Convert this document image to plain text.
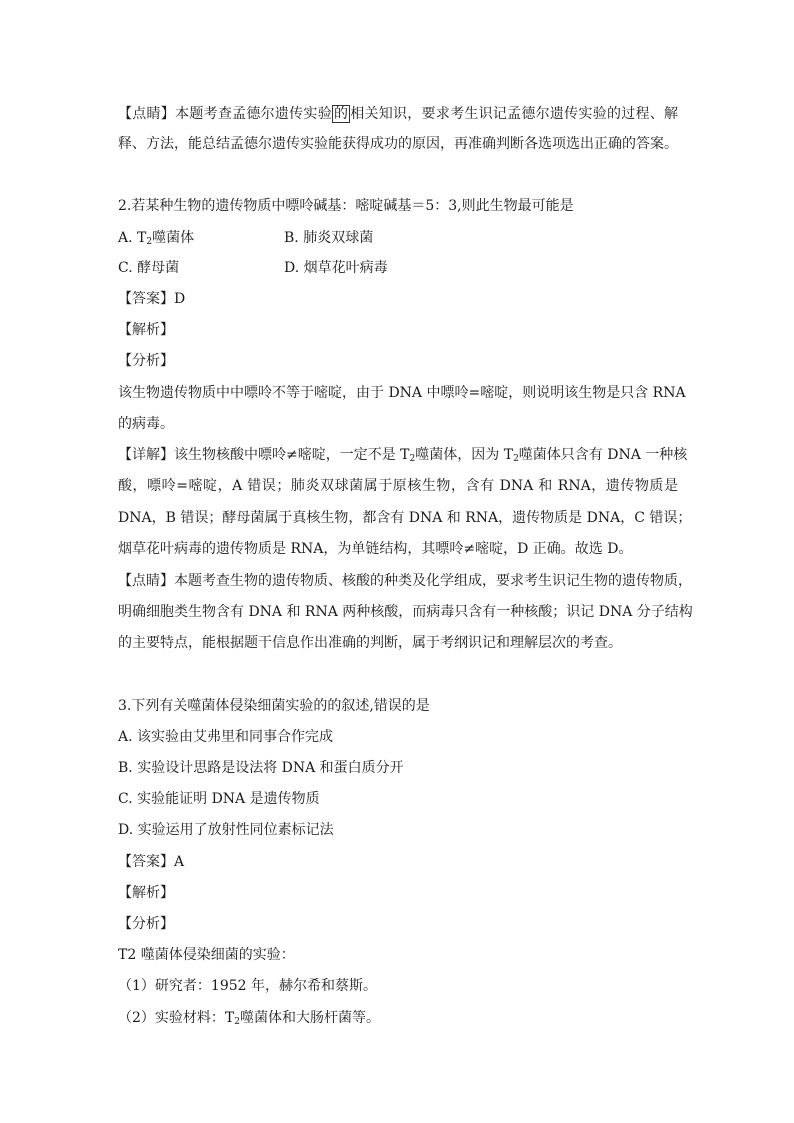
【点睛】本题考查孟德尔遗传实验 的 相关知识，要求考生识记孟德尔遗传实验的过程、解
释、方法，能总结孟德尔遗传实验能获得成功的原因，再准确判断各选项选出正确的答案。
2.若某种生物的遗传物质中嘌呤碱基：嘧啶碱基＝5：3,则此生物最可能是
A. $T_2$噬菌体	B. 肺炎双球菌
C. 酵母菌	D. 烟草花叶病毒
【答案】D
【解析】
【分析】
该生物遗传物质中中嘌呤不等于嘧啶，由于 DNA 中嘌呤=嘧啶，则说明该生物是只含 RNA
的病毒。
【详解】该生物核酸中嘌呤≠嘧啶，一定不是 $T_2$噬菌体，因为 $T_2$噬菌体只含有 DNA 一种核
酸，嘌呤=嘧啶，A 错误；肺炎双球菌属于原核生物，含有 DNA 和 RNA，遗传物质是
DNA，B 错误；酵母菌属于真核生物，都含有 DNA 和 RNA，遗传物质是 DNA，C 错误；
烟草花叶病毒的遗传物质是 RNA，为单链结构，其嘌呤≠嘧啶，D 正确。故选 D。
【点睛】本题考查生物的遗传物质、核酸的种类及化学组成，要求考生识记生物的遗传物质，
明确细胞类生物含有 DNA 和 RNA 两种核酸，而病毒只含有一种核酸；识记 DNA 分子结构
的主要特点，能根据题干信息作出准确的判断，属于考纲识记和理解层次的考查。
3.下列有关噬菌体侵染细菌实验的的叙述,错误的是
A. 该实验由艾弗里和同事合作完成
B. 实验设计思路是设法将 DNA 和蛋白质分开
C. 实验能证明 DNA 是遗传物质
D. 实验运用了放射性同位素标记法
【答案】A
【解析】
【分析】
T2 噬菌体侵染细菌的实验：
（1）研究者：1952 年，赫尔希和蔡斯。
（2）实验材料：$T_2$噬菌体和大肠杆菌等。
